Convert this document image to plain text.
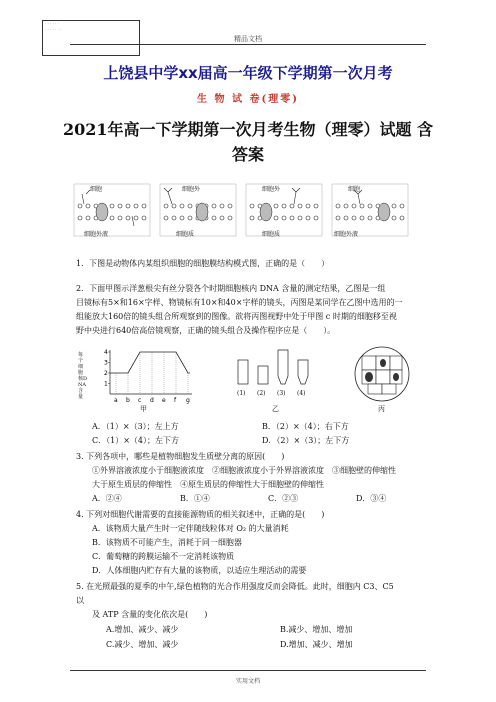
· · · · · ·
· · · · · · ·
精品文档
上饶县中学xx届高一年级下学期第一次月考
生 物 试 卷(理零)
2021年高一下学期第一次月考生物（理零）试题 含答案
细胞
细胞外液
细胞外
细胞质
细胞外
细胞质
细胞
细胞外液
1．下图是动物体内某组织细胞的细胞膜结构模式图，正确的是（　　）
2．下面甲图示洋葱根尖有丝分裂各个时期细胞核内 DNA 含量的测定结果，乙图是一组
目镜标有5×和16×字样、物镜标有10×和40×字样的镜头，丙图是某同学在乙图中选用的一
组能放大160倍的镜头组合所观察到的图像。欲将丙图视野中处于甲图 c 时期的细胞移至视
野中央进行640倍高倍镜观察，正确的镜头组合及操作程序应是（　　）。
1
2
3
4
a b c d e f g
每个细胞核DNA含量
甲
(1) (2) (3) (4)
乙	丙
A．（1）×（3）；左上方	B．（2）×（4）；右下方
C．（1）×（4）；左下方	D．（2）×（3）；左下方
3. 下列各项中，哪些是植物细胞发生质壁分离的原因(　　)
①外界溶液浓度小于细胞液浓度　②细胞液浓度小于外界溶液浓度　③细胞壁的伸缩性
大于原生质层的伸缩性　④原生质层的伸缩性大于细胞壁的伸缩性
A．②④	B．①④	C．②③	D．③④
4. 下列对细胞代谢需要的直接能源物质的相关叙述中，正确的是(　　)
A．该物质大量产生时一定伴随线粒体对 O₂ 的大量消耗
B．该物质不可能产生，消耗于同一细胞器
C．葡萄糖的跨膜运输不一定消耗该物质
D．人体细胞内贮存有大量的该物质，以适应生理活动的需要
5. 在光照最强的夏季的中午,绿色植物的光合作用强度反而会降低。此时，细胞内 C3、C5
以
及 ATP 含量的变化依次是(　　)
A.增加、减少、减少	B.减少、增加、增加
C.减少、增加、减少	D.增加、减少、增加
实用文档
